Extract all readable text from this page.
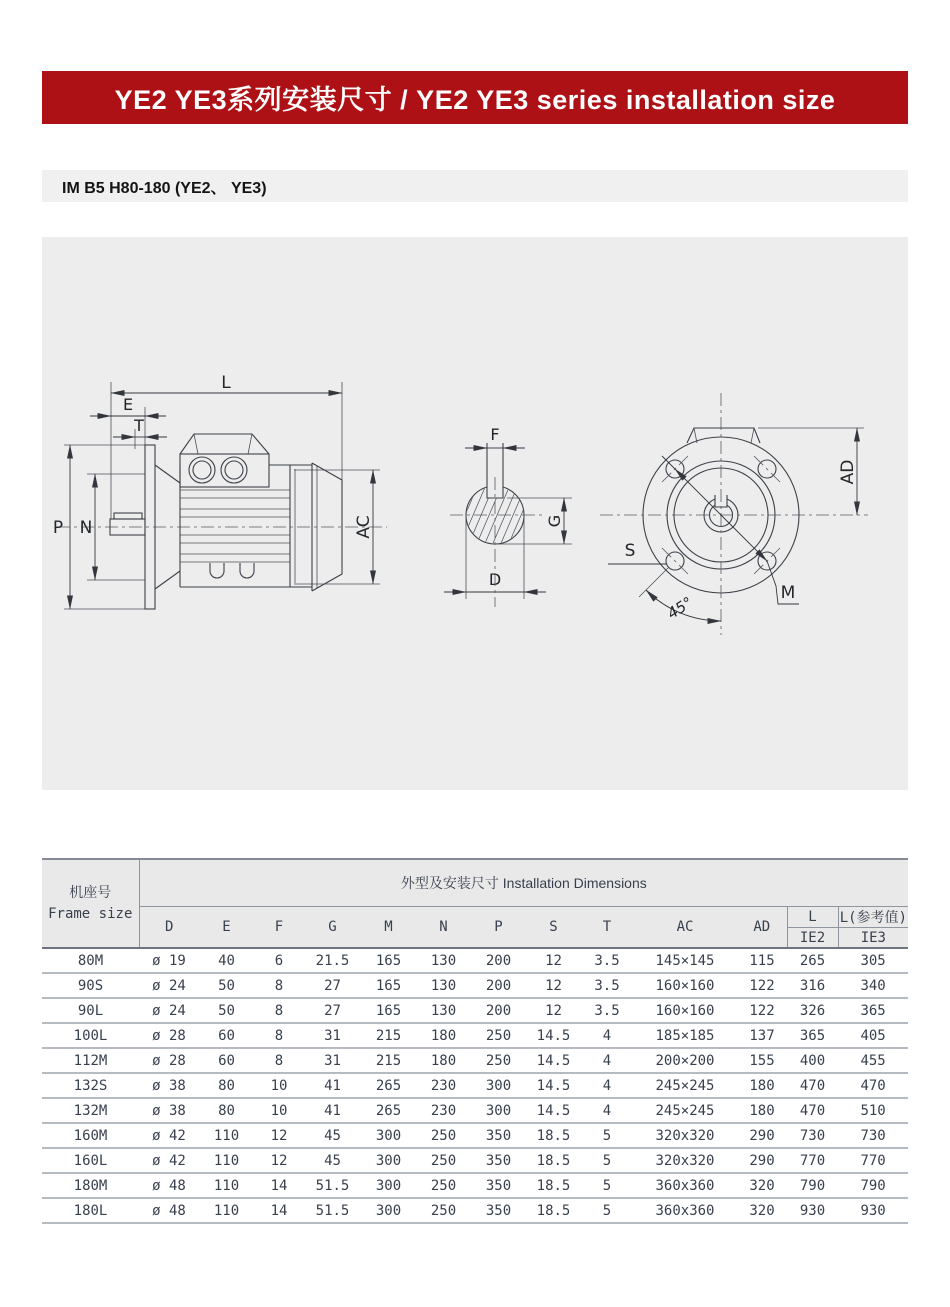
YE2 YE3系列安装尺寸 / YE2 YE3 series installation size
IM B5 H80-180 (YE2、 YE3)
L
E
T
P N	AC
F
G
D
M
S
45°
AD
机座号
Frame size	外型及安装尺寸 Installation Dimensions												
	D	E	F	G	M	N	P	S	T	AC	AD	L	L(参考值)
												IE2	IE3
80M	ø 19	40	6	21.5	165	130	200	12	3.5	145×145	115	265	305
90S	ø 24	50	8	27	165	130	200	12	3.5	160×160	122	316	340
90L	ø 24	50	8	27	165	130	200	12	3.5	160×160	122	326	365
100L	ø 28	60	8	31	215	180	250	14.5	4	185×185	137	365	405
112M	ø 28	60	8	31	215	180	250	14.5	4	200×200	155	400	455
132S	ø 38	80	10	41	265	230	300	14.5	4	245×245	180	470	470
132M	ø 38	80	10	41	265	230	300	14.5	4	245×245	180	470	510
160M	ø 42	110	12	45	300	250	350	18.5	5	320x320	290	730	730
160L	ø 42	110	12	45	300	250	350	18.5	5	320x320	290	770	770
180M	ø 48	110	14	51.5	300	250	350	18.5	5	360x360	320	790	790
180L	ø 48	110	14	51.5	300	250	350	18.5	5	360x360	320	930	930
